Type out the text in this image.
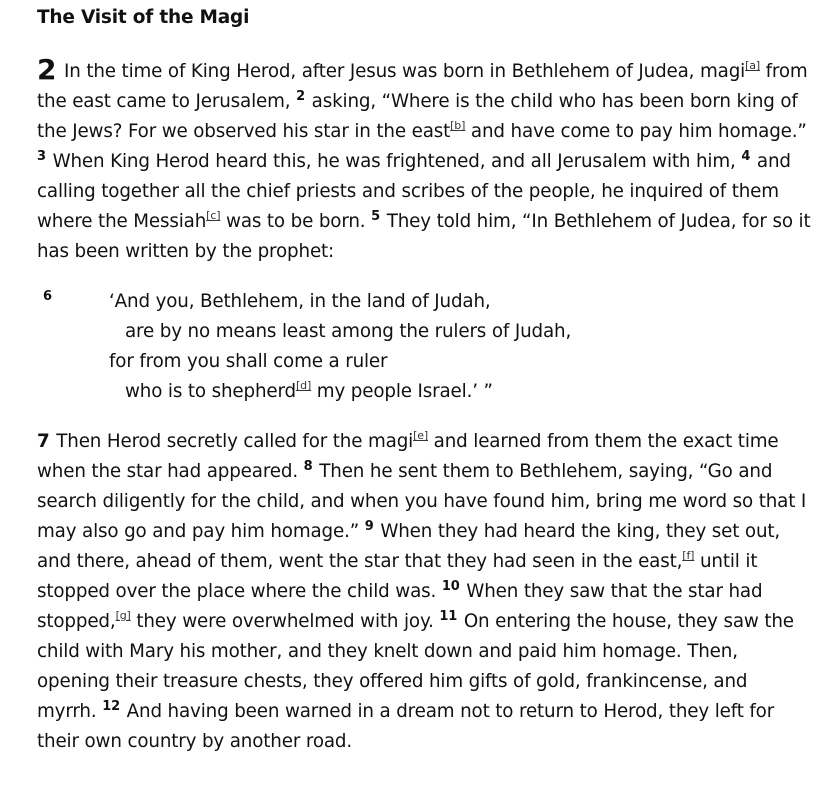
The Visit of the Magi

2 In the time of King Herod, after Jesus was born in Bethlehem of Judea, magi[a] from the east came to Jerusalem, $^2$ asking, “Where is the child who has been born king of the Jews? For we observed his star in the east[b] and have come to pay him homage.” $^3$ When King Herod heard this, he was frightened, and all Jerusalem with him, $^4$ and calling together all the chief priests and scribes of the people, he inquired of them where the Messiah[c] was to be born. $^5$ They told him, “In Bethlehem of Judea, for so it has been written by the prophet:

6	‘And you, Bethlehem, in the land of Judah,
are by no means least among the rulers of Judah,
for from you shall come a ruler
who is to shepherd[d] my people Israel.’ ”

7 Then Herod secretly called for the magi[e] and learned from them the exact time when the star had appeared. $^8$ Then he sent them to Bethlehem, saying, “Go and search diligently for the child, and when you have found him, bring me word so that I may also go and pay him homage.” $^9$ When they had heard the king, they set out, and there, ahead of them, went the star that they had seen in the east,[f] until it stopped over the place where the child was. $^{10}$ When they saw that the star had stopped,[g] they were overwhelmed with joy. $^{11}$ On entering the house, they saw the child with Mary his mother, and they knelt down and paid him homage. Then, opening their treasure chests, they offered him gifts of gold, frankincense, and myrrh. $^{12}$ And having been warned in a dream not to return to Herod, they left for their own country by another road.
